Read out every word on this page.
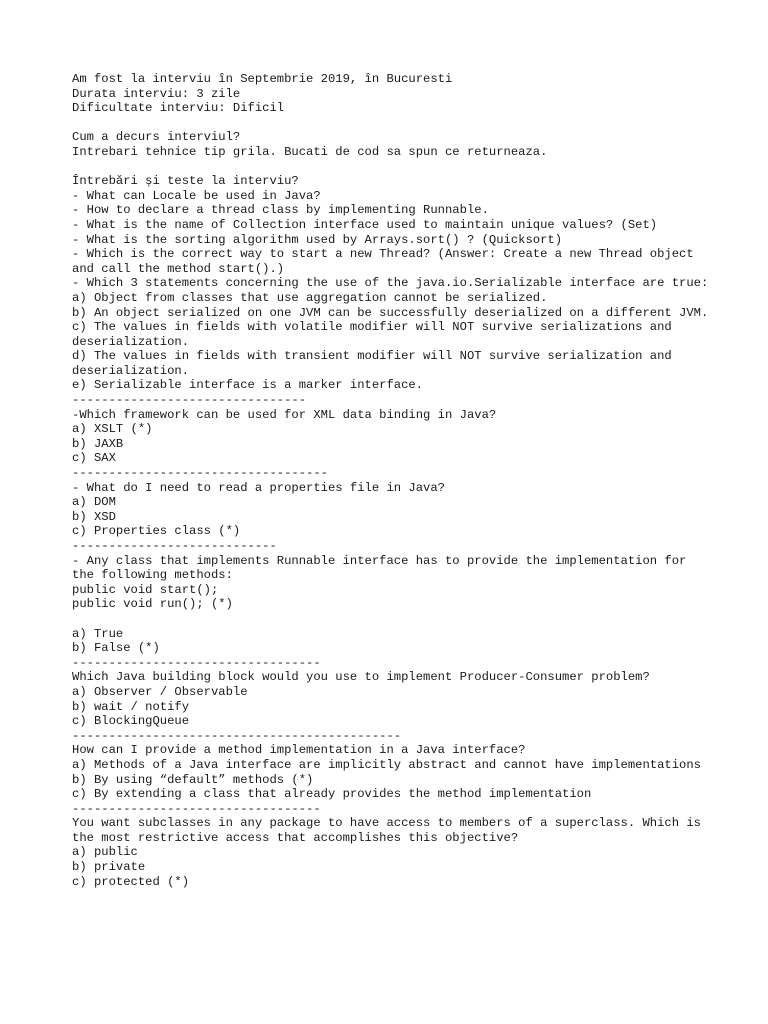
Am fost la interviu în Septembrie 2019, în Bucuresti
Durata interviu: 3 zile
Dificultate interviu: Dificil
Cum a decurs interviul?
Intrebari tehnice tip grila. Bucati de cod sa spun ce returneaza.
Întrebări și teste la interviu?
- What can Locale be used in Java?
- How to declare a thread class by implementing Runnable.
- What is the name of Collection interface used to maintain unique values? (Set)
- What is the sorting algorithm used by Arrays.sort() ? (Quicksort)
- Which is the correct way to start a new Thread? (Answer: Create a new Thread object and call the method start().)
- Which 3 statements concerning the use of the java.io.Serializable interface are true:
a) Object from classes that use aggregation cannot be serialized.
b) An object serialized on one JVM can be successfully deserialized on a different JVM.
c) The values in fields with volatile modifier will NOT survive serializations and deserialization.
d) The values in fields with transient modifier will NOT survive serialization and deserialization.
e) Serializable interface is a marker interface.
--------------------------------
-Which framework can be used for XML data binding in Java?
a) XSLT (*)
b) JAXB
c) SAX
-----------------------------------
- What do I need to read a properties file in Java?
a) DOM
b) XSD
c) Properties class (*)
----------------------------
- Any class that implements Runnable interface has to provide the implementation for the following methods:
public void start();
public void run(); (*)
a) True
b) False (*)
----------------------------------
Which Java building block would you use to implement Producer-Consumer problem?
a) Observer / Observable
b) wait / notify
c) BlockingQueue
---------------------------------------------
How can I provide a method implementation in a Java interface?
a) Methods of a Java interface are implicitly abstract and cannot have implementations
b) By using “default” methods (*)
c) By extending a class that already provides the method implementation
----------------------------------
You want subclasses in any package to have access to members of a superclass. Which is the most restrictive access that accomplishes this objective?
a) public
b) private
c) protected (*)
